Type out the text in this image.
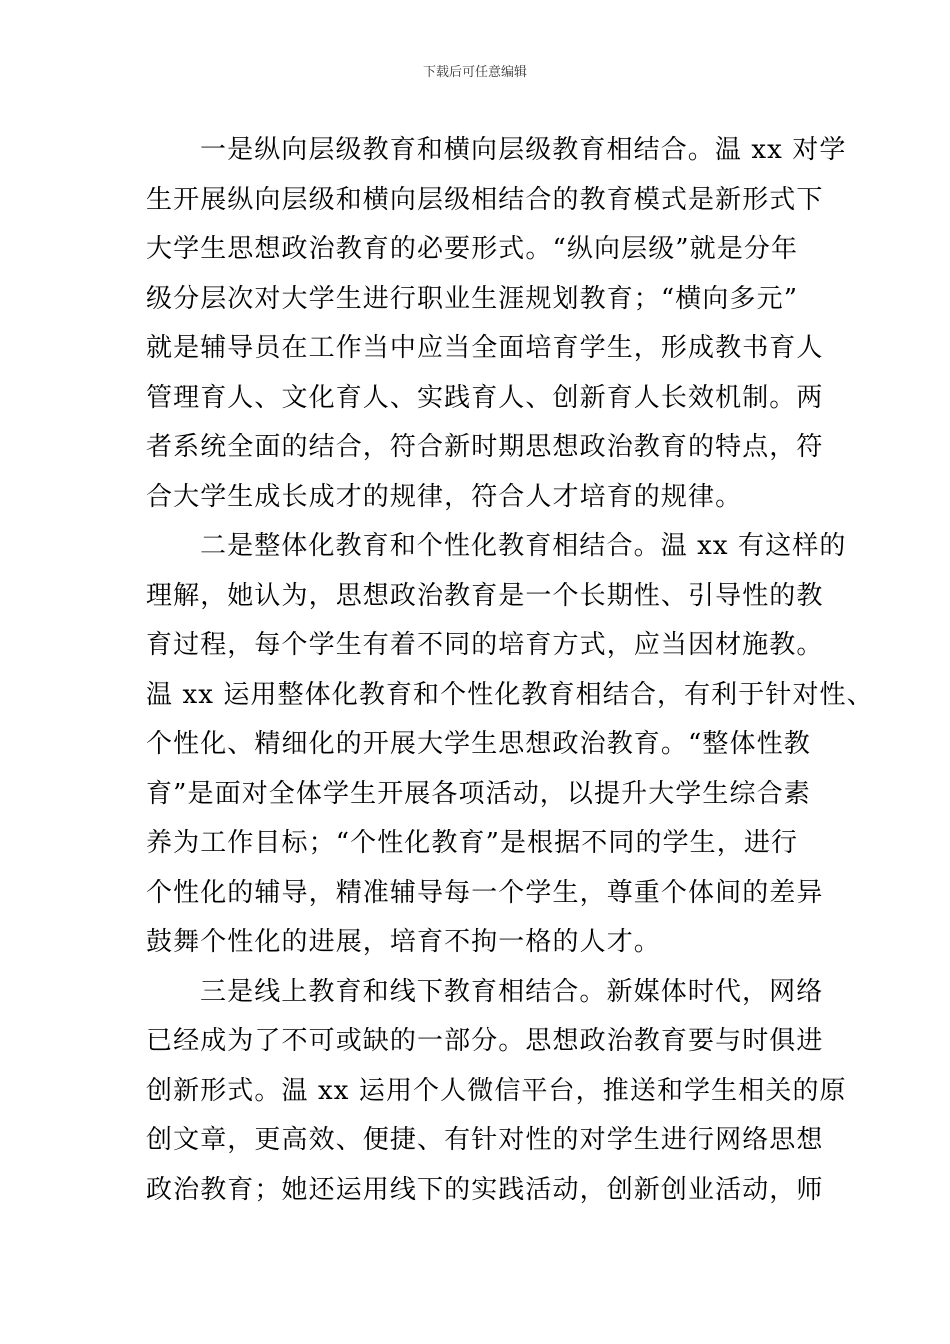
下载后可任意编辑
一是纵向层级教育和横向层级教育相结合。温 xx 对学
生开展纵向层级和横向层级相结合的教育模式是新形式下
大学生思想政治教育的必要形式。“纵向层级”就是分年
级分层次对大学生进行职业生涯规划教育；“横向多元”
就是辅导员在工作当中应当全面培育学生，形成教书育人
管理育人、文化育人、实践育人、创新育人长效机制。两
者系统全面的结合，符合新时期思想政治教育的特点，符
合大学生成长成才的规律，符合人才培育的规律。
二是整体化教育和个性化教育相结合。温 xx 有这样的
理解，她认为，思想政治教育是一个长期性、引导性的教
育过程，每个学生有着不同的培育方式，应当因材施教。
温 xx 运用整体化教育和个性化教育相结合，有利于针对性、
个性化、精细化的开展大学生思想政治教育。“整体性教
育”是面对全体学生开展各项活动，以提升大学生综合素
养为工作目标；“个性化教育”是根据不同的学生，进行
个性化的辅导，精准辅导每一个学生，尊重个体间的差异
鼓舞个性化的进展，培育不拘一格的人才。
三是线上教育和线下教育相结合。新媒体时代，网络
已经成为了不可或缺的一部分。思想政治教育要与时俱进
创新形式。温 xx 运用个人微信平台，推送和学生相关的原
创文章，更高效、便捷、有针对性的对学生进行网络思想
政治教育；她还运用线下的实践活动，创新创业活动，师
